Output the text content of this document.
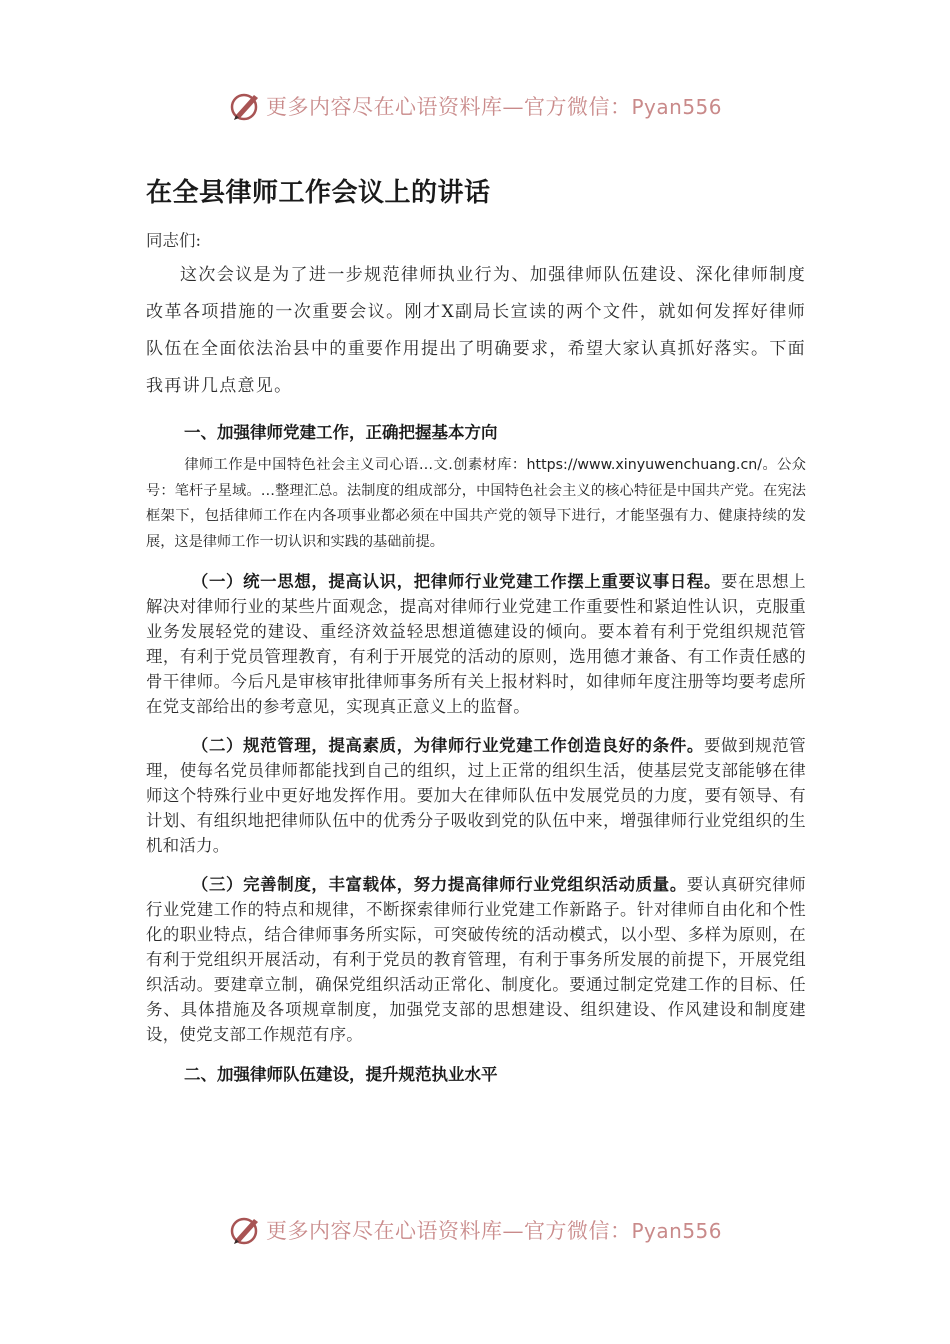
更多内容尽在心语资料库—官方微信：Pyan556
在全县律师工作会议上的讲话

同志们:

这次会议是为了进一步规范律师执业行为、加强律师队伍建设、深化律师制度改革各项措施的一次重要会议。刚才X副局长宣读的两个文件，就如何发挥好律师队伍在全面依法治县中的重要作用提出了明确要求，希望大家认真抓好落实。下面我再讲几点意见。

一、加强律师党建工作，正确把握基本方向

律师工作是中国特色社会主义司心语…文.创素材库：https://www.xinyuwenchuang.cn/。公众号：笔杆子星域。…整理汇总。法制度的组成部分，中国特色社会主义的核心特征是中国共产党。在宪法框架下，包括律师工作在内各项事业都必须在中国共产党的领导下进行，才能坚强有力、健康持续的发展，这是律师工作一切认识和实践的基础前提。

（一）统一思想，提高认识，把律师行业党建工作摆上重要议事日程。要在思想上解决对律师行业的某些片面观念，提高对律师行业党建工作重要性和紧迫性认识，克服重业务发展轻党的建设、重经济效益轻思想道德建设的倾向。要本着有利于党组织规范管理，有利于党员管理教育，有利于开展党的活动的原则，选用德才兼备、有工作责任感的骨干律师。今后凡是审核审批律师事务所有关上报材料时，如律师年度注册等均要考虑所在党支部给出的参考意见，实现真正意义上的监督。

（二）规范管理，提高素质，为律师行业党建工作创造良好的条件。要做到规范管理，使每名党员律师都能找到自己的组织，过上正常的组织生活，使基层党支部能够在律师这个特殊行业中更好地发挥作用。要加大在律师队伍中发展党员的力度，要有领导、有计划、有组织地把律师队伍中的优秀分子吸收到党的队伍中来，增强律师行业党组织的生机和活力。

（三）完善制度，丰富载体，努力提高律师行业党组织活动质量。要认真研究律师行业党建工作的特点和规律，不断探索律师行业党建工作新路子。针对律师自由化和个性化的职业特点，结合律师事务所实际，可突破传统的活动模式，以小型、多样为原则，在有利于党组织开展活动，有利于党员的教育管理，有利于事务所发展的前提下，开展党组织活动。要建章立制，确保党组织活动正常化、制度化。要通过制定党建工作的目标、任务、具体措施及各项规章制度，加强党支部的思想建设、组织建设、作风建设和制度建设，使党支部工作规范有序。

二、加强律师队伍建设，提升规范执业水平

更多内容尽在心语资料库—官方微信：Pyan556
